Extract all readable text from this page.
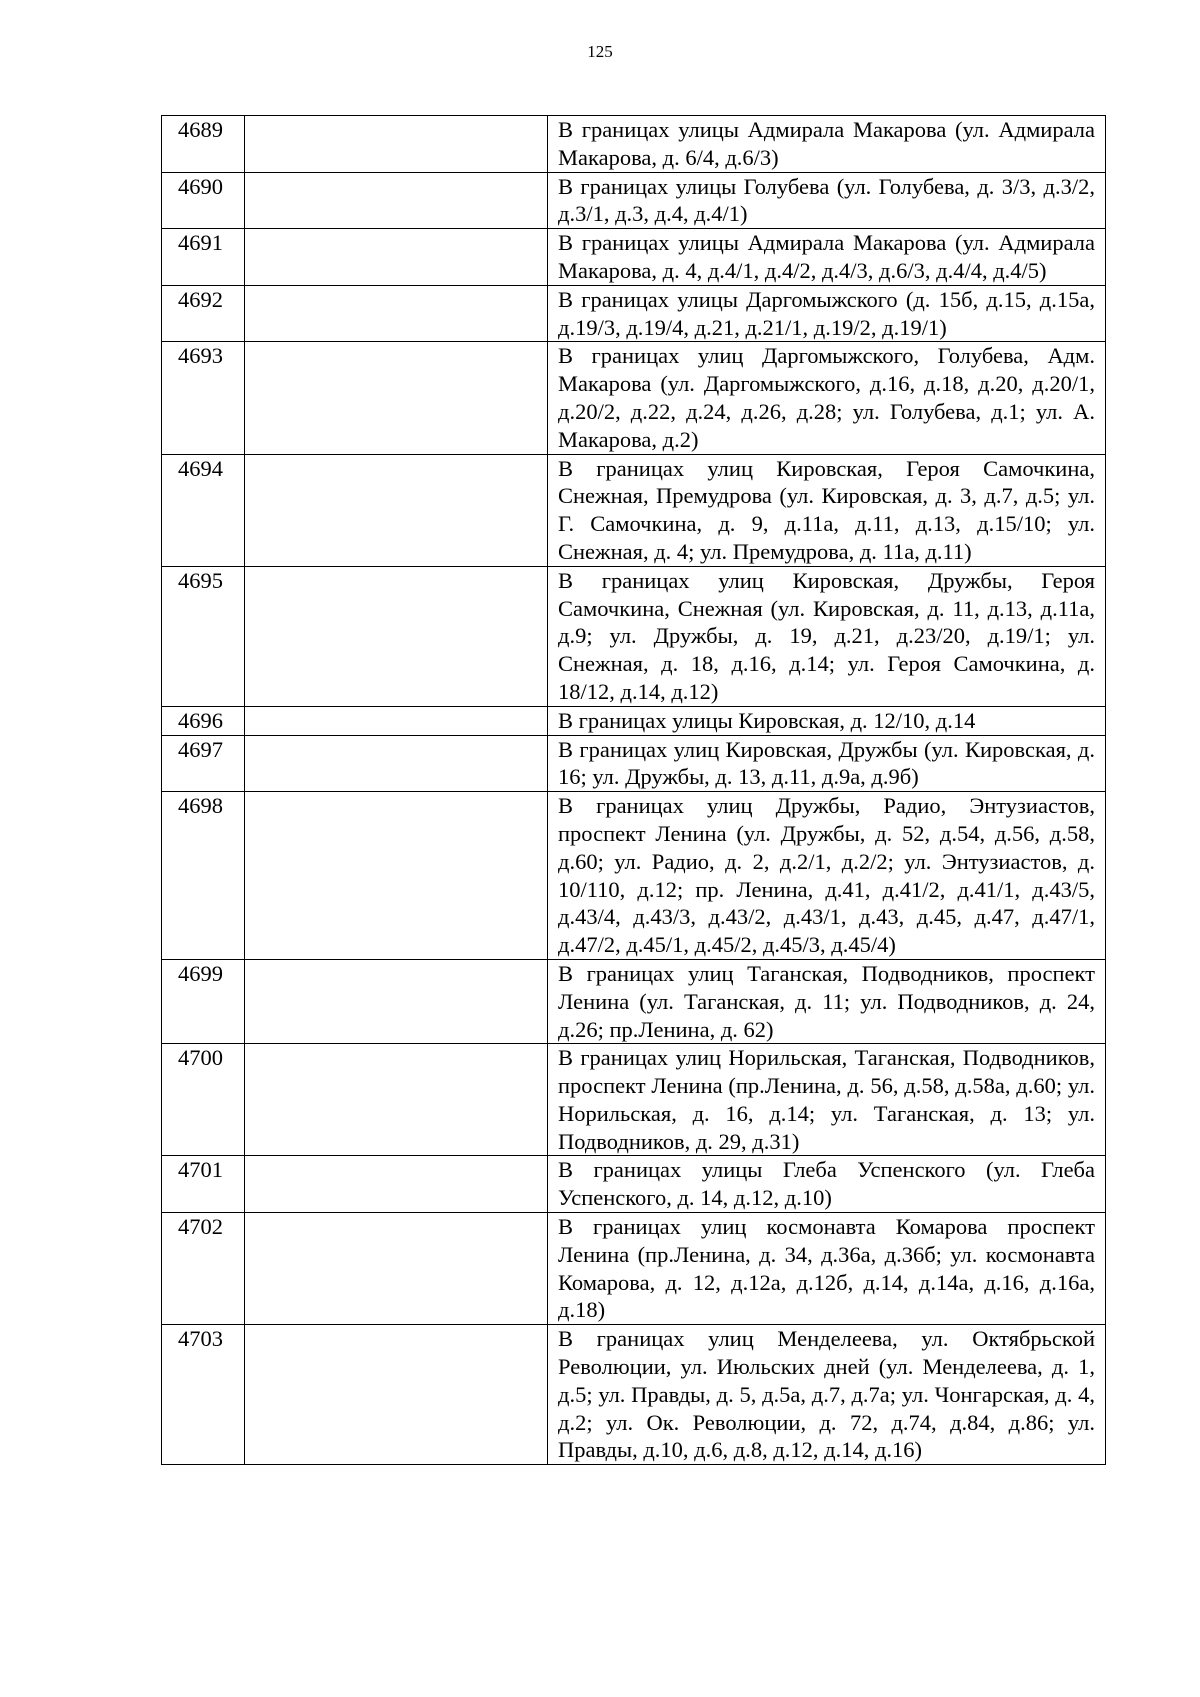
125
4689		В границах улицы Адмирала Макарова (ул. Адмирала Макарова, д. 6/4, д.6/3)
4690		В границах улицы Голубева (ул. Голубева, д. 3/3, д.3/2, д.3/1, д.3, д.4, д.4/1)
4691		В границах улицы Адмирала Макарова (ул. Адмирала Макарова, д. 4, д.4/1, д.4/2, д.4/3, д.6/3, д.4/4, д.4/5)
4692		В границах улицы Даргомыжского (д. 15б, д.15, д.15а, д.19/3, д.19/4, д.21, д.21/1, д.19/2, д.19/1)
4693		В границах улиц Даргомыжского, Голубева, Адм. Макарова (ул. Даргомыжского, д.16, д.18, д.20, д.20/1, д.20/2, д.22, д.24, д.26, д.28; ул. Голубева, д.1; ул. А. Макарова, д.2)
4694		В границах улиц Кировская, Героя Самочкина, Снежная, Премудрова (ул. Кировская, д. 3, д.7, д.5; ул. Г. Самочкина, д. 9, д.11а, д.11, д.13, д.15/10; ул. Снежная, д. 4; ул. Премудрова, д. 11а, д.11)
4695		В границах улиц Кировская, Дружбы, Героя Самочкина, Снежная (ул. Кировская, д. 11, д.13, д.11а, д.9; ул. Дружбы, д. 19, д.21, д.23/20, д.19/1; ул. Снежная, д. 18, д.16, д.14; ул. Героя Самочкина, д. 18/12, д.14, д.12)
4696		В границах улицы Кировская, д. 12/10, д.14
4697		В границах улиц Кировская, Дружбы (ул. Кировская, д. 16; ул. Дружбы, д. 13, д.11, д.9а, д.9б)
4698		В границах улиц Дружбы, Радио, Энтузиастов, проспект Ленина (ул. Дружбы, д. 52, д.54, д.56, д.58, д.60; ул. Радио, д. 2, д.2/1, д.2/2; ул. Энтузиастов, д. 10/110, д.12; пр. Ленина, д.41, д.41/2, д.41/1, д.43/5, д.43/4, д.43/3, д.43/2, д.43/1, д.43, д.45, д.47, д.47/1, д.47/2, д.45/1, д.45/2, д.45/3, д.45/4)
4699		В границах улиц Таганская, Подводников, проспект Ленина (ул. Таганская, д. 11; ул. Подводников, д. 24, д.26; пр.Ленина, д. 62)
4700		В границах улиц Норильская, Таганская, Подводников, проспект Ленина (пр.Ленина, д. 56, д.58, д.58а, д.60; ул. Норильская, д. 16, д.14; ул. Таганская, д. 13; ул. Подводников, д. 29, д.31)
4701		В границах улицы Глеба Успенского (ул. Глеба Успенского, д. 14, д.12, д.10)
4702		В границах улиц космонавта Комарова проспект Ленина (пр.Ленина, д. 34, д.36а, д.36б; ул. космонавта Комарова, д. 12, д.12а, д.12б, д.14, д.14а, д.16, д.16а, д.18)
4703		В границах улиц Менделеева, ул. Октябрьской Революции, ул. Июльских дней (ул. Менделеева, д. 1, д.5; ул. Правды, д. 5, д.5а, д.7, д.7а; ул. Чонгарская, д. 4, д.2; ул. Ок. Революции, д. 72, д.74, д.84, д.86; ул. Правды, д.10, д.6, д.8, д.12, д.14, д.16)
